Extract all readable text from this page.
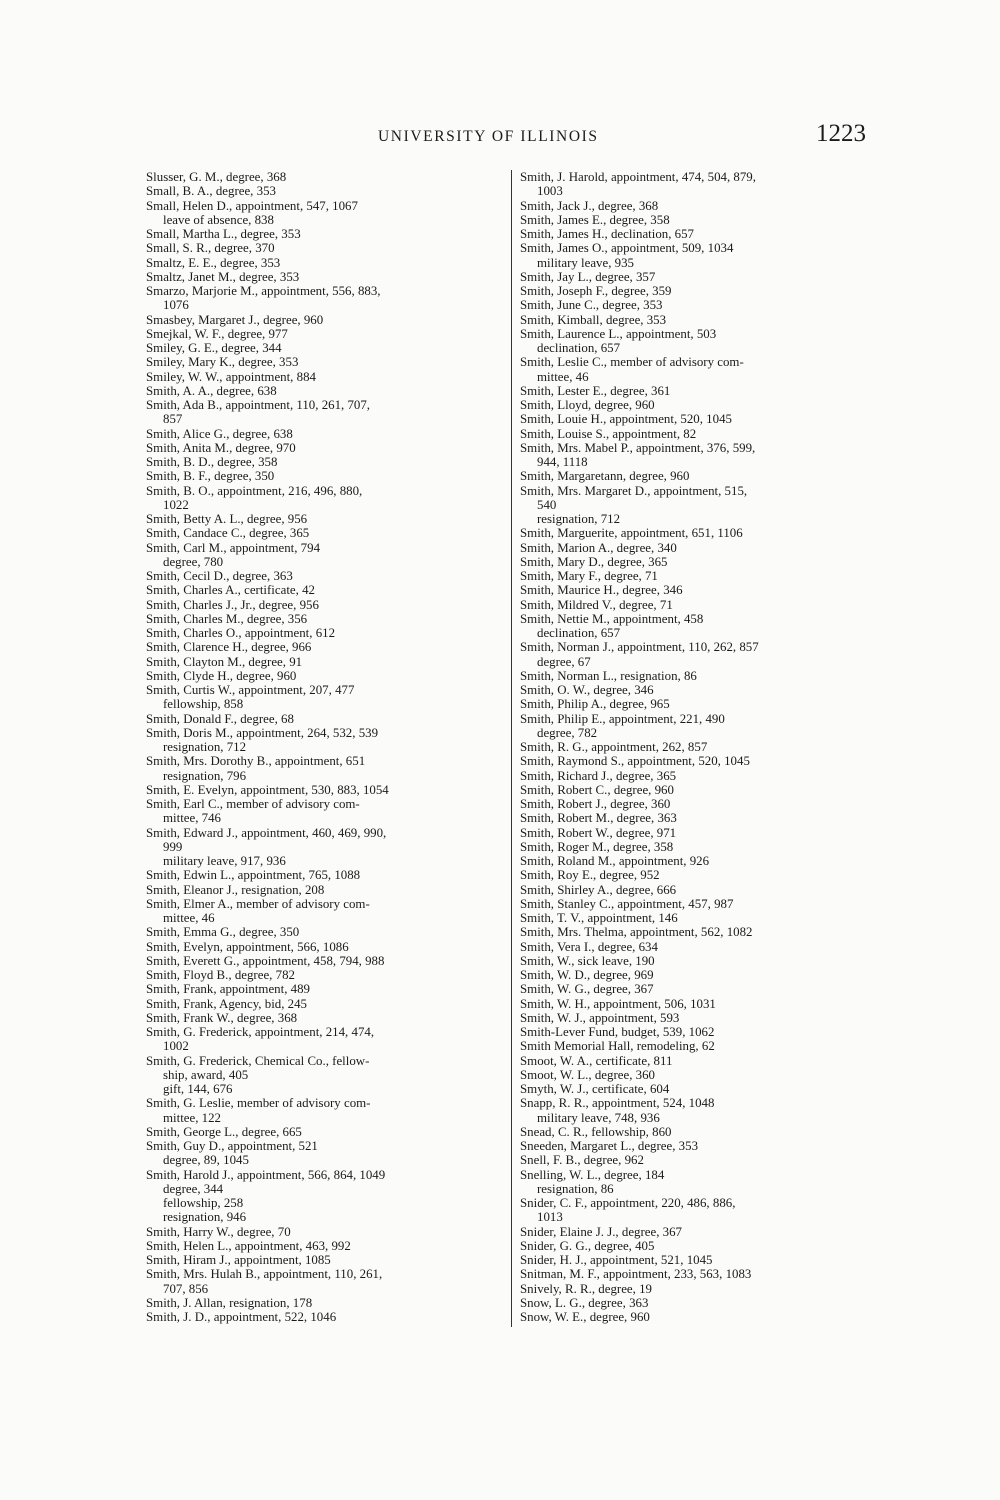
UNIVERSITY OF ILLINOIS	1223

Slusser, G. M., degree, 368

Small, B. A., degree, 353

Small, Helen D., appointment, 547, 1067
leave of absence, 838

Small, Martha L., degree, 353

Small, S. R., degree, 370

Smaltz, E. E., degree, 353

Smaltz, Janet M., degree, 353

Smarzo, Marjorie M., appointment, 556, 883,
1076

Smasbey, Margaret J., degree, 960

Smejkal, W. F., degree, 977

Smiley, G. E., degree, 344

Smiley, Mary K., degree, 353

Smiley, W. W., appointment, 884

Smith, A. A., degree, 638

Smith, Ada B., appointment, 110, 261, 707,
857

Smith, Alice G., degree, 638

Smith, Anita M., degree, 970

Smith, B. D., degree, 358

Smith, B. F., degree, 350

Smith, B. O., appointment, 216, 496, 880,
1022

Smith, Betty A. L., degree, 956

Smith, Candace C., degree, 365

Smith, Carl M., appointment, 794
degree, 780

Smith, Cecil D., degree, 363

Smith, Charles A., certificate, 42

Smith, Charles J., Jr., degree, 956

Smith, Charles M., degree, 356

Smith, Charles O., appointment, 612

Smith, Clarence H., degree, 966

Smith, Clayton M., degree, 91

Smith, Clyde H., degree, 960

Smith, Curtis W., appointment, 207, 477
fellowship, 858

Smith, Donald F., degree, 68

Smith, Doris M., appointment, 264, 532, 539
resignation, 712

Smith, Mrs. Dorothy B., appointment, 651
resignation, 796

Smith, E. Evelyn, appointment, 530, 883, 1054

Smith, Earl C., member of advisory com-
mittee, 746

Smith, Edward J., appointment, 460, 469, 990,
999
military leave, 917, 936

Smith, Edwin L., appointment, 765, 1088

Smith, Eleanor J., resignation, 208

Smith, Elmer A., member of advisory com-
mittee, 46

Smith, Emma G., degree, 350

Smith, Evelyn, appointment, 566, 1086

Smith, Everett G., appointment, 458, 794, 988

Smith, Floyd B., degree, 782

Smith, Frank, appointment, 489

Smith, Frank, Agency, bid, 245

Smith, Frank W., degree, 368

Smith, G. Frederick, appointment, 214, 474,
1002

Smith, G. Frederick, Chemical Co., fellow-
ship, award, 405
gift, 144, 676

Smith, G. Leslie, member of advisory com-
mittee, 122

Smith, George L., degree, 665

Smith, Guy D., appointment, 521
degree, 89, 1045

Smith, Harold J., appointment, 566, 864, 1049
degree, 344
fellowship, 258
resignation, 946

Smith, Harry W., degree, 70

Smith, Helen L., appointment, 463, 992

Smith, Hiram J., appointment, 1085

Smith, Mrs. Hulah B., appointment, 110, 261,
707, 856

Smith, J. Allan, resignation, 178

Smith, J. D., appointment, 522, 1046

Smith, J. Harold, appointment, 474, 504, 879,
1003

Smith, Jack J., degree, 368

Smith, James E., degree, 358

Smith, James H., declination, 657

Smith, James O., appointment, 509, 1034
military leave, 935

Smith, Jay L., degree, 357

Smith, Joseph F., degree, 359

Smith, June C., degree, 353

Smith, Kimball, degree, 353

Smith, Laurence L., appointment, 503
declination, 657

Smith, Leslie C., member of advisory com-
mittee, 46

Smith, Lester E., degree, 361

Smith, Lloyd, degree, 960

Smith, Louie H., appointment, 520, 1045

Smith, Louise S., appointment, 82

Smith, Mrs. Mabel P., appointment, 376, 599,
944, 1118

Smith, Margaretann, degree, 960

Smith, Mrs. Margaret D., appointment, 515,
540
resignation, 712

Smith, Marguerite, appointment, 651, 1106

Smith, Marion A., degree, 340

Smith, Mary D., degree, 365

Smith, Mary F., degree, 71

Smith, Maurice H., degree, 346

Smith, Mildred V., degree, 71

Smith, Nettie M., appointment, 458
declination, 657

Smith, Norman J., appointment, 110, 262, 857
degree, 67

Smith, Norman L., resignation, 86

Smith, O. W., degree, 346

Smith, Philip A., degree, 965

Smith, Philip E., appointment, 221, 490
degree, 782

Smith, R. G., appointment, 262, 857

Smith, Raymond S., appointment, 520, 1045

Smith, Richard J., degree, 365

Smith, Robert C., degree, 960

Smith, Robert J., degree, 360

Smith, Robert M., degree, 363

Smith, Robert W., degree, 971

Smith, Roger M., degree, 358

Smith, Roland M., appointment, 926

Smith, Roy E., degree, 952

Smith, Shirley A., degree, 666

Smith, Stanley C., appointment, 457, 987

Smith, T. V., appointment, 146

Smith, Mrs. Thelma, appointment, 562, 1082

Smith, Vera I., degree, 634

Smith, W., sick leave, 190

Smith, W. D., degree, 969

Smith, W. G., degree, 367

Smith, W. H., appointment, 506, 1031

Smith, W. J., appointment, 593

Smith-Lever Fund, budget, 539, 1062

Smith Memorial Hall, remodeling, 62

Smoot, W. A., certificate, 811

Smoot, W. L., degree, 360

Smyth, W. J., certificate, 604

Snapp, R. R., appointment, 524, 1048
military leave, 748, 936

Snead, C. R., fellowship, 860

Sneeden, Margaret L., degree, 353

Snell, F. B., degree, 962

Snelling, W. L., degree, 184
resignation, 86

Snider, C. F., appointment, 220, 486, 886,
1013

Snider, Elaine J. J., degree, 367

Snider, G. G., degree, 405

Snider, H. J., appointment, 521, 1045

Snitman, M. F., appointment, 233, 563, 1083

Snively, R. R., degree, 19

Snow, L. G., degree, 363

Snow, W. E., degree, 960
